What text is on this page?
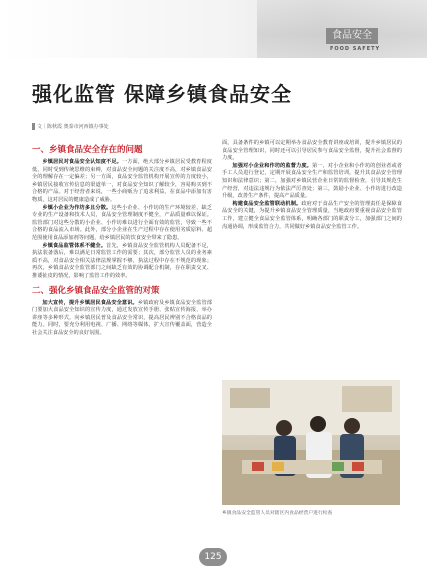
食品安全
FOOD SAFETY
强化监管 保障乡镇食品安全
文｜陈秋霞 奥泰市河西镇办事处
一、乡镇食品安全存在的问题

乡镇居民对食品安全认知度不足。一方面，绝大部分乡镇居民受教育程度低，同时受到传统思维的束缚，对食品安全问题的关注度不高，对乡镇食品安全的理解存在一定偏差；另一方面，食品安全监管机构开展宣传的力度较小，乡镇居民接收宣传信息的渠道单一，对食品安全知识了解较少，容易购买到不合格的产品。对于经营者来说，一些小商贩为了追求利益，在食品中添加有害物质，这对居民的健康造成了威胁。

乡镇小企业为作坊多且分散。这些小企业、小作坊的生产环境较差，缺乏专业的生产设备和技术人员，食品安全管理制度不健全，产品质量难以保证。监管部门对这些分散的小企业、小作坊难以进行全面有效的监管，导致一些不合格的食品流入市场。此外，部分小企业在生产过程中存在使用劣质原料、超范围使用食品添加剂等问题，给乡镇居民的饮食安全带来了隐患。

乡镇食品监管体系不健全。首先，乡镇食品安全监管机构人员配备不足，执法装备落后，难以满足日常监管工作的需要；其次，部分监管人员的业务素质不高，对食品安全相关法律法规掌握不够，执法过程中存在不规范的现象；再次，乡镇食品安全监管部门之间缺乏有效的协调配合机制，存在职责交叉、推诿扯皮的情况，影响了监管工作的效率。

二、强化乡镇食品安全监管的对策

加大宣传，提升乡镇居民食品安全意识。乡镇政府及乡镇食品安全监管部门要加大食品安全知识的宣传力度，通过发放宣传手册、张贴宣传海报、举办讲座等多种形式，向乡镇居民普及食品安全常识，提高居民辨别不合格食品的能力。同时，要充分利用电视、广播、网络等媒体，扩大宣传覆盖面，营造全社会关注食品安全的良好氛围。

面，具备条件的乡镇可以定期举办食品安全教育讲座或培训，提升乡镇居民的食品安全管理知识，同时还可以引导居民参与食品安全监督，提升社会监督的力度。

加强对小企业和作坊的监督力度。第一，对小企业和小作坊的创业者或者手工人员进行登记，定期开展食品安全生产和监管培训，提升其食品安全管理知识和法律意识；第二，加强对乡镇民营企业日常的监督检查，引导其规范生产经营，对违法违规行为依法严厉查处；第三，鼓励小企业、小作坊进行改造升级，改善生产条件，提高产品质量。

构建食品安全监管联动机制。政府对于食品生产安全的管理责任是保障食品安全的关键，为提升乡镇食品安全管理质量，当地政府要重视食品安全监管工作，建立健全食品安全监管体系，明确各部门的职责分工，加强部门之间的沟通协调，形成监管合力，共同做好乡镇食品安全监管工作。

乡镇食品安全监管人员对辖区内食品经营户进行检查
125
